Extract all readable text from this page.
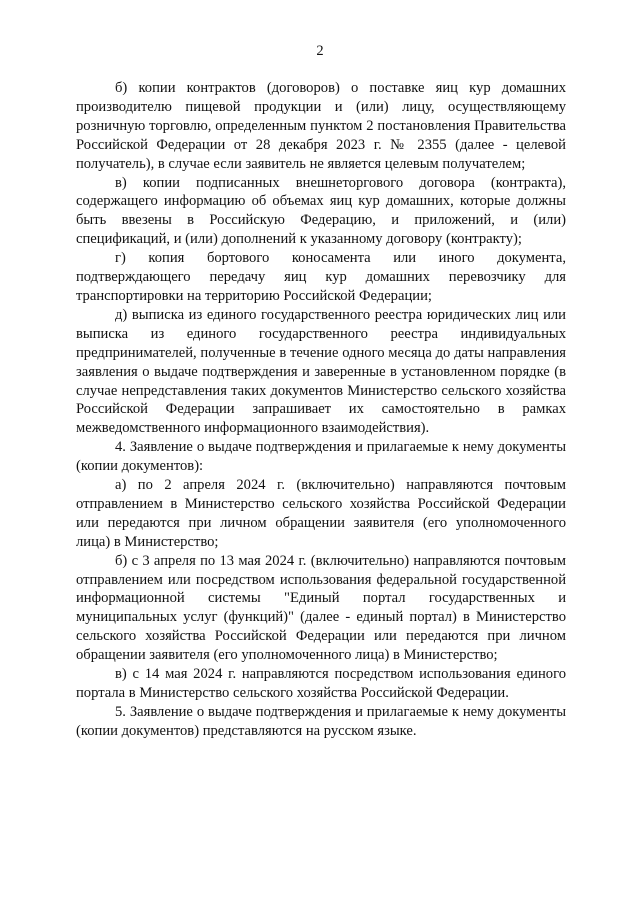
2

б) копии контрактов (договоров) о поставке яиц кур домашних производителю пищевой продукции и (или) лицу, осуществляющему розничную торговлю, определенным пунктом 2 постановления Правительства Российской Федерации от 28 декабря 2023 г. № 2355 (далее - целевой получатель), в случае если заявитель не является целевым получателем;

в) копии подписанных внешнеторгового договора (контракта), содержащего информацию об объемах яиц кур домашних, которые должны быть ввезены в Российскую Федерацию, и приложений, и (или) спецификаций, и (или) дополнений к указанному договору (контракту);

г) копия бортового коносамента или иного документа, подтверждающего передачу яиц кур домашних перевозчику для транспортировки на территорию Российской Федерации;

д) выписка из единого государственного реестра юридических лиц или выписка из единого государственного реестра индивидуальных предпринимателей, полученные в течение одного месяца до даты направления заявления о выдаче подтверждения и заверенные в установленном порядке (в случае непредставления таких документов Министерство сельского хозяйства Российской Федерации запрашивает их самостоятельно в рамках межведомственного информационного взаимодействия).

4. Заявление о выдаче подтверждения и прилагаемые к нему документы (копии документов):

а) по 2 апреля 2024 г. (включительно) направляются почтовым отправлением в Министерство сельского хозяйства Российской Федерации или передаются при личном обращении заявителя (его уполномоченного лица) в Министерство;

б) с 3 апреля по 13 мая 2024 г. (включительно) направляются почтовым отправлением или посредством использования федеральной государственной информационной системы "Единый портал государственных и муниципальных услуг (функций)" (далее - единый портал) в Министерство сельского хозяйства Российской Федерации или передаются при личном обращении заявителя (его уполномоченного лица) в Министерство;

в) с 14 мая 2024 г. направляются посредством использования единого портала в Министерство сельского хозяйства Российской Федерации.

5. Заявление о выдаче подтверждения и прилагаемые к нему документы (копии документов) представляются на русском языке.
